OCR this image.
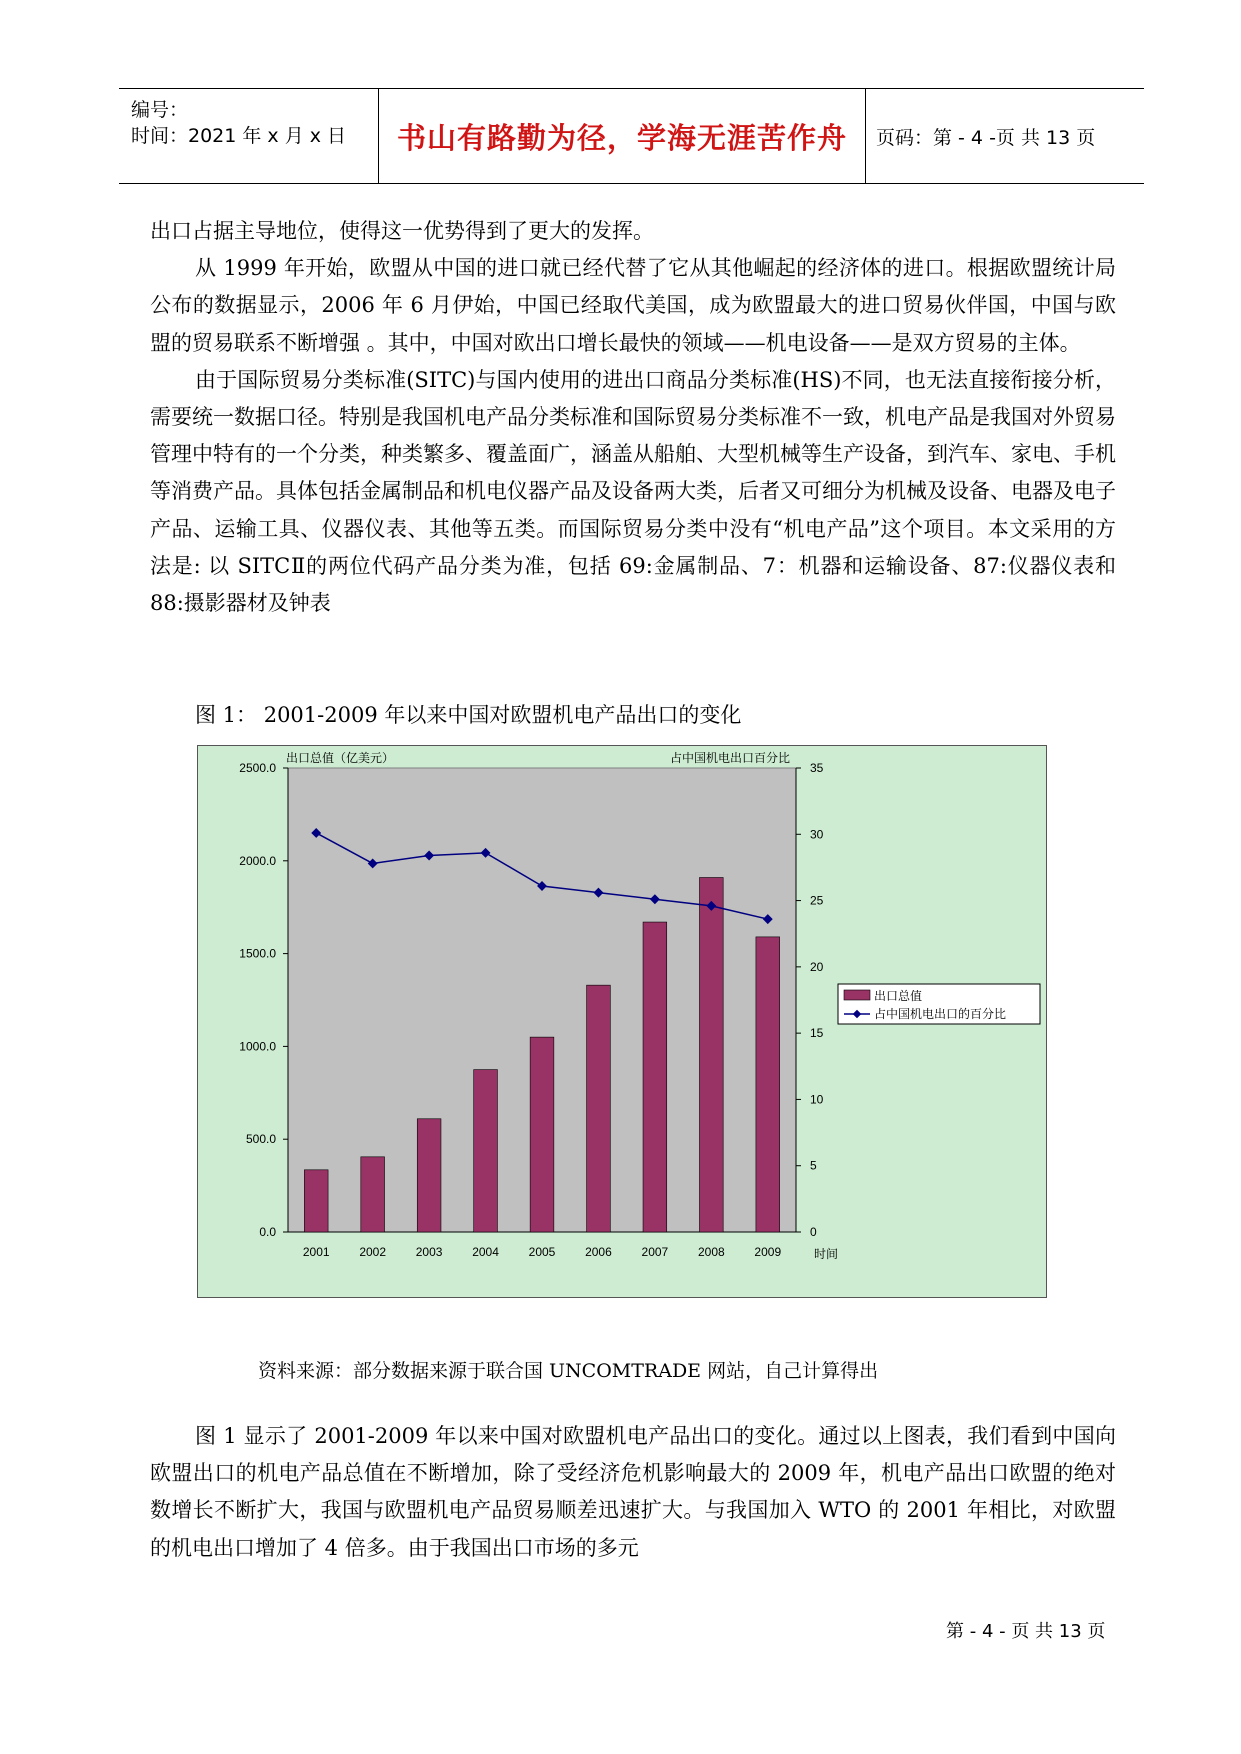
编号：
时间：2021 年 x 月 x 日	书山有路勤为径，学海无涯苦作舟	页码：第 - 4 -页 共 13 页

出口占据主导地位，使得这一优势得到了更大的发挥。

从 1999 年开始，欧盟从中国的进口就已经代替了它从其他崛起的经济体的进口。根据欧盟统计局公布的数据显示，2006 年 6 月伊始，中国已经取代美国，成为欧盟最大的进口贸易伙伴国，中国与欧盟的贸易联系不断增强 。其中，中国对欧出口增长最快的领域——机电设备——是双方贸易的主体。

由于国际贸易分类标准(SITC)与国内使用的进出口商品分类标准(HS)不同，也无法直接衔接分析，需要统一数据口径。特别是我国机电产品分类标准和国际贸易分类标准不一致，机电产品是我国对外贸易管理中特有的一个分类，种类繁多、覆盖面广，涵盖从船舶、大型机械等生产设备，到汽车、家电、手机等消费产品。具体包括金属制品和机电仪器产品及设备两大类，后者又可细分为机械及设备、电器及电子产品、运输工具、仪器仪表、其他等五类。而国际贸易分类中没有“机电产品”这个项目。本文采用的方法是: 以 SITCⅡ的两位代码产品分类为准，包括 69:金属制品、7：机器和运输设备、87:仪器仪表和 88:摄影器材及钟表

图 1： 2001-2009 年以来中国对欧盟机电产品出口的变化
0.0
500.0
1000.0
1500.0
2000.0
2500.0
0
5
10
15
20
25
30
35
2001 2002 2003 2004 2005 2006 2007 2008 2009
出口总值（亿美元）	占中国机电出口百分比
时间
出口总值
占中国机电出口的百分比
资料来源：部分数据来源于联合国 UNCOMTRADE 网站，自己计算得出

图 1 显示了 2001-2009 年以来中国对欧盟机电产品出口的变化。通过以上图表，我们看到中国向欧盟出口的机电产品总值在不断增加，除了受经济危机影响最大的 2009 年，机电产品出口欧盟的绝对数增长不断扩大，我国与欧盟机电产品贸易顺差迅速扩大。与我国加入 WTO 的 2001 年相比，对欧盟的机电出口增加了 4 倍多。由于我国出口市场的多元

第 - 4 - 页 共 13 页
